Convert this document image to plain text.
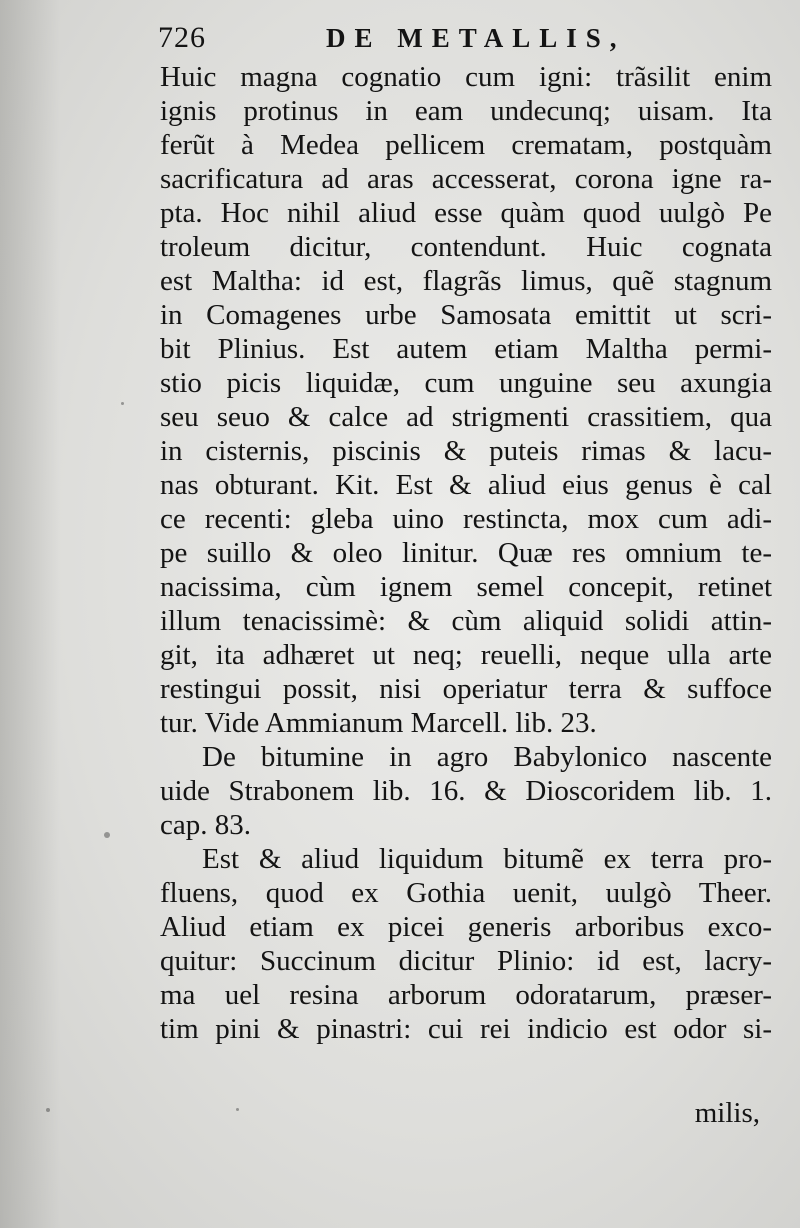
726	DE METALLIS,
Huic magna cognatio cum igni: trãsilit enim
ignis protinus in eam undecunq; uisam. Ita
ferũt à Medea pellicem crematam, postquàm
sacrificatura ad aras accesserat, corona igne ra-
pta. Hoc nihil aliud esse quàm quod uulgò Pe
troleum dicitur, contendunt. Huic cognata
est Maltha: id est, flagrãs limus, quẽ stagnum
in Comagenes urbe Samosata emittit ut scri-
bit Plinius. Est autem etiam Maltha permi-
stio picis liquidæ, cum unguine seu axungia
seu seuo & calce ad strigmenti crassitiem, qua
in cisternis, piscinis & puteis rimas & lacu-
nas obturant. Kit. Est & aliud eius genus è cal
ce recenti: gleba uino restincta, mox cum adi-
pe suillo & oleo linitur. Quæ res omnium te-
nacissima, cùm ignem semel concepit, retinet
illum tenacissimè: & cùm aliquid solidi attin-
git, ita adhæret ut neq; reuelli, neque ulla arte
restingui possit, nisi operiatur terra & suffoce
tur. Vide Ammianum Marcell. lib. 23.
De bitumine in agro Babylonico nascente
uide Strabonem lib. 16. & Dioscoridem lib. 1.
cap. 83.
Est & aliud liquidum bitumẽ ex terra pro-
fluens, quod ex Gothia uenit, uulgò Theer.
Aliud etiam ex picei generis arboribus exco-
quitur: Succinum dicitur Plinio: id est, lacry-
ma uel resina arborum odoratarum, præser-
tim pini & pinastri: cui rei indicio est odor si-
milis,
